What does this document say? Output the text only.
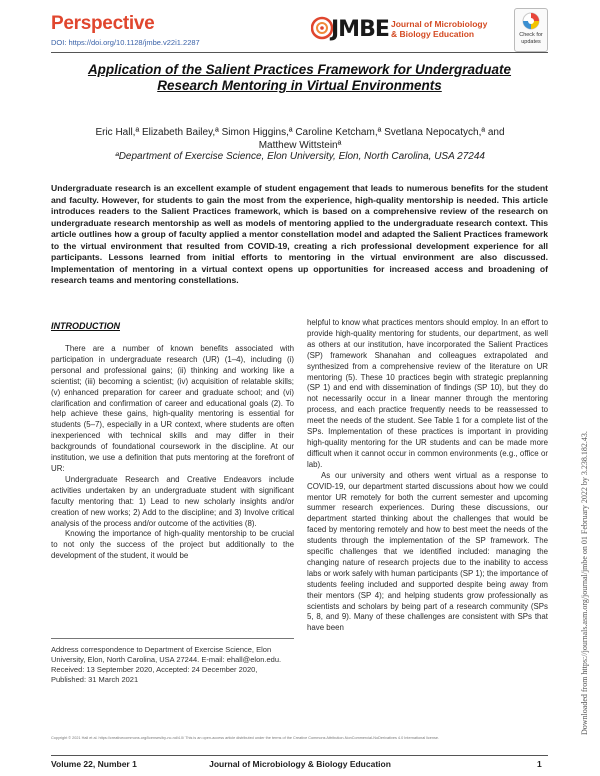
Perspective
DOI: https://doi.org/10.1128/jmbe.v22i1.2287
JMBE Journal of Microbiology
& Biology Education	Check for
updates
Application of the Salient Practices Framework for Undergraduate
Research Mentoring in Virtual Environments
Eric Hall,ª Elizabeth Bailey,ª Simon Higgins,ª Caroline Ketcham,ª Svetlana Nepocatych,ª and
Matthew Wittsteinª
ªDepartment of Exercise Science, Elon University, Elon, North Carolina, USA 27244
Undergraduate research is an excellent example of student engagement that leads to numerous benefits for the student and faculty. However, for students to gain the most from the experience, high-quality mentorship is needed. This article introduces readers to the Salient Practices framework, which is based on a comprehensive review of the research on undergraduate research mentorship as well as models of mentoring applied to the undergraduate research context. This article outlines how a group of faculty applied a mentor constellation model and adapted the Salient Practices framework to the virtual environment that resulted from COVID-19, creating a rich professional development experience for all participants. Lessons learned from initial efforts to mentoring in the virtual environment are also discussed. Implementation of mentoring in a virtual context opens up opportunities for increased access and broadening of research teams and mentoring constellations.
INTRODUCTION

There are a number of known benefits associated with participation in undergraduate research (UR) (1–4), including (i) personal and professional gains; (ii) thinking and working like a scientist; (iii) becoming a scientist; (iv) acquisition of relatable skills; (v) enhanced preparation for career and graduate school; and (vi) clarification and confirmation of career and educational goals (2). To help achieve these gains, high-quality mentoring is essential for students (5–7), especially in a UR context, where students are often inexperienced with technical skills and may differ in their backgrounds of foundational coursework in the discipline. At our institution, we use a definition that puts mentoring at the forefront of UR:

Undergraduate Research and Creative Endeavors include activities undertaken by an undergraduate student with significant faculty mentoring that: 1) Lead to new scholarly insights and/or creation of new works; 2) Add to the discipline; and 3) Involve critical analysis of the process and/or outcome of the activities (8).

Knowing the importance of high-quality mentorship to be crucial to not only the success of the project but additionally to the development of the student, it would be

helpful to know what practices mentors should employ. In an effort to provide high-quality mentoring for students, our department, as well as others at our institution, have incorporated the Salient Practices (SP) framework Shanahan and colleagues extrapolated and synthesized from a comprehensive review of the literature on UR mentoring (5). These 10 practices begin with strategic preplanning (SP 1) and end with dissemination of findings (SP 10), but they do not necessarily occur in a linear manner through the mentoring process, and each practice frequently needs to be reassessed to meet the needs of the student. See Table 1 for a complete list of the SPs. Implementation of these practices is important in providing high-quality mentoring for the UR students and can be made more difficult when it cannot occur in common environments (e.g., office or lab).

As our university and others went virtual as a response to COVID-19, our department started discussions about how we could mentor UR remotely for both the current semester and upcoming summer research experiences. During these discussions, our department started thinking about the challenges that would be faced by mentoring remotely and how to best meet the needs of the students through the implementation of the SP framework. The specific challenges that we identified included: managing the changing nature of research projects due to the inability to access labs or work safely with human participants (SP 1); the importance of students feeling included and supported despite being away from their mentors (SP 4); and helping students grow professionally as scientists and scholars by being part of a research community (SPs 5, 8, and 9). Many of these challenges are consistent with SPs that have been

Address correspondence to Department of Exercise Science, Elon University, Elon, North Carolina, USA 27244. E-mail: ehall@elon.edu.
Received: 13 September 2020, Accepted: 24 December 2020, Published: 31 March 2021
Copyright © 2021 Hall et al. https://creativecommons.org/licenses/by-nc-nd/4.0/ This is an open-access article distributed under the terms of the Creative Commons Attribution-NonCommercial-NoDerivatives 4.0 International license.
Volume 22, Number 1	Journal of Microbiology & Biology Education	1
Downloaded from https://journals.asm.org/journal/jmbe on 01 February 2022 by 3.238.182.43.
